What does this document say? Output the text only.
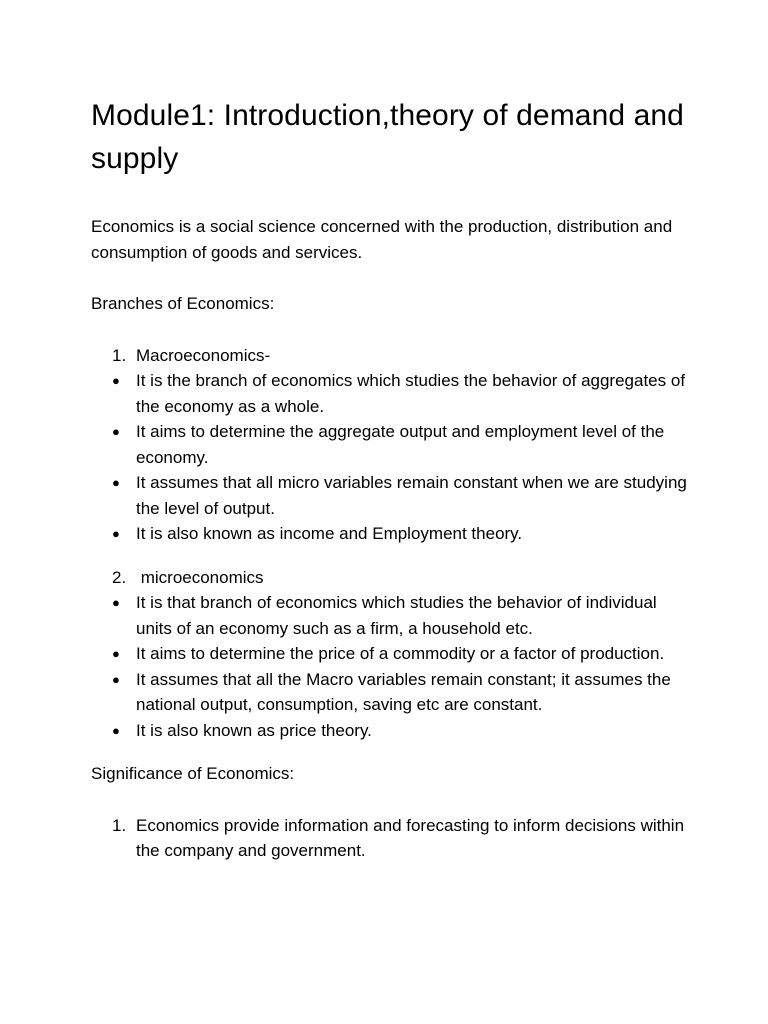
Module1: Introduction,theory of demand and supply

Economics is a social science concerned with the production, distribution and consumption of goods and services.

Branches of Economics:

1. Macroeconomics-

● It is the branch of economics which studies the behavior of aggregates of the economy as a whole.
● It aims to determine the aggregate output and employment level of the economy.
● It assumes that all micro variables remain constant when we are studying the level of output.
● It is also known as income and Employment theory.

2. microeconomics

● It is that branch of economics which studies the behavior of individual units of an economy such as a firm, a household etc.
● It aims to determine the price of a commodity or a factor of production.
● It assumes that all the Macro variables remain constant; it assumes the national output, consumption, saving etc are constant.
● It is also known as price theory.

Significance of Economics:

1. Economics provide information and forecasting to inform decisions within the company and government.
